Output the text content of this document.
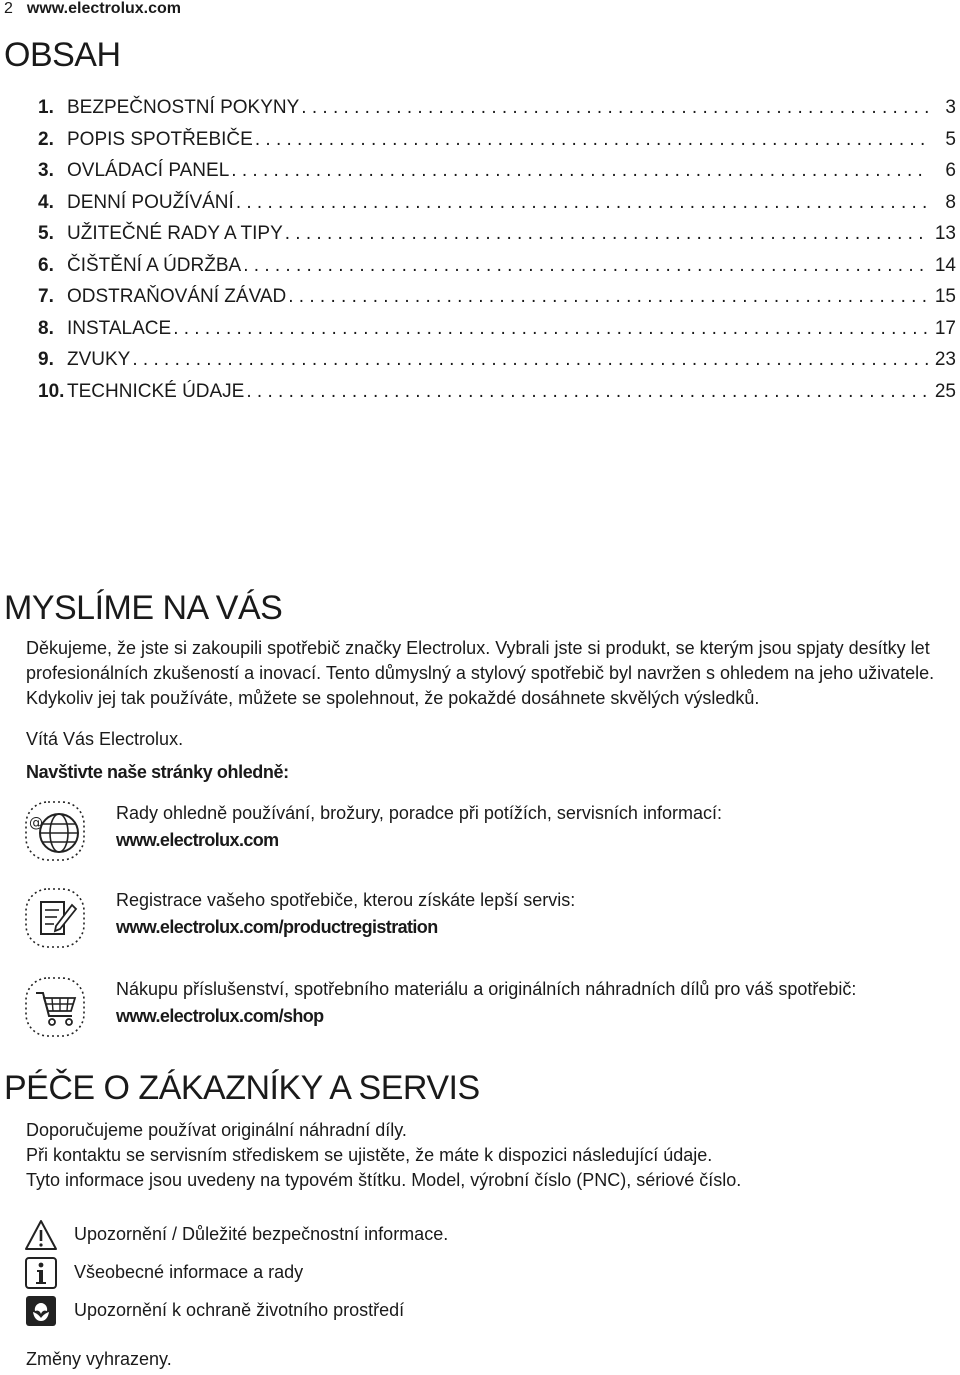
2 www.electrolux.com
OBSAH
1. BEZPEČNOSTNÍ POKYNY . . .	3
2. POPIS SPOTŘEBIČE . . .	5
3. OVLÁDACÍ PANEL . . .	6
4. DENNÍ POUŽÍVÁNÍ . . .	8
5. UŽITEČNÉ RADY A TIPY . . .	13
6. ČIŠTĚNÍ A ÚDRŽBA . . .	14
7. ODSTRAŇOVÁNÍ ZÁVAD . . .	15
8. INSTALACE . . .	17
9. ZVUKY . . .	23
10. TECHNICKÉ ÚDAJE . . .	25
MYSLÍME NA VÁS

Děkujeme, že jste si zakoupili spotřebič značky Electrolux. Vybrali jste si produkt, se kterým jsou spjaty desítky let profesionálních zkušeností a inovací. Tento důmyslný a stylový spotřebič byl navržen s ohledem na jeho uživatele. Kdykoliv jej tak používáte, můžete se spolehnout, že pokaždé dosáhnete skvělých výsledků.

Vítá Vás Electrolux.
Navštivte naše stránky ohledně:
@	Rady ohledně používání, brožury, poradce při potížích, servisních informací:
www.electrolux.com
Registrace vašeho spotřebiče, kterou získáte lepší servis:
www.electrolux.com/productregistration
Nákupu příslušenství, spotřebního materiálu a originálních náhradních dílů pro váš spotřebič:
www.electrolux.com/shop
PÉČE O ZÁKAZNÍKY A SERVIS

Doporučujeme používat originální náhradní díly.

Při kontaktu se servisním střediskem se ujistěte, že máte k dispozici následující údaje.

Tyto informace jsou uvedeny na typovém štítku. Model, výrobní číslo (PNC), sériové číslo.

Upozornění / Důležité bezpečnostní informace.
Všeobecné informace a rady
Upozornění k ochraně životního prostředí
Změny vyhrazeny.
